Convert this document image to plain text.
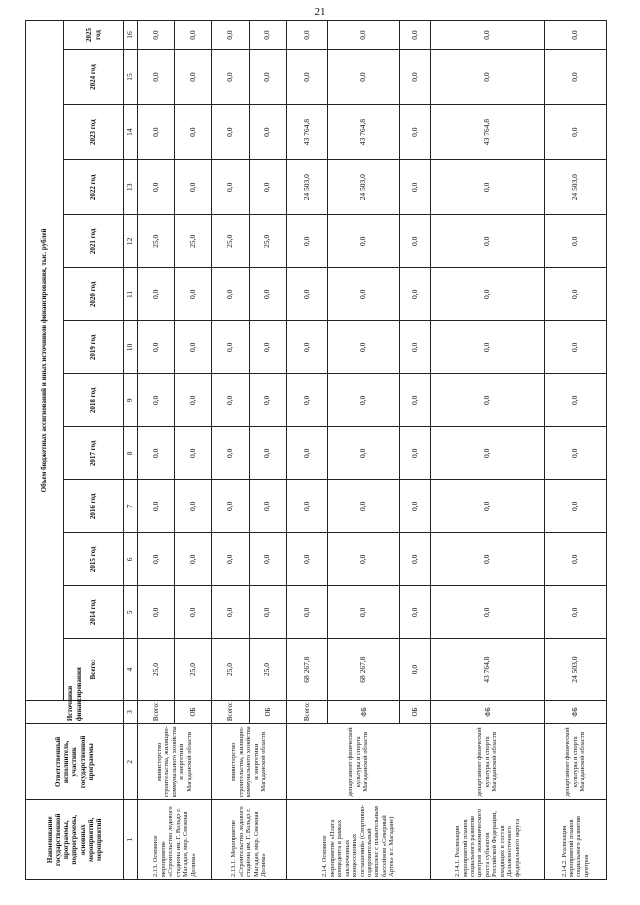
21
Наименование государственной программы, подпрограммы, основных мероприятий, мероприятий	Ответственный исполнитель, участник государственной программы	Источники финансирования	Объем бюджетных ассигнований и иных источников финансирования, тыс. рублей												
			Всего:	2014 год	2015 год	2016 год	2017 год	2018 год	2019 год	2020 год	2021 год	2022 год	2023 год	2024 год	2025 год
1	2	3	4	5	6	7	8	9	10	11	12	13	14	15	16
2.13. Основное мероприятие «Строительство ледового стадиона им. Г. Вальдэ г. Магадан, мкр. Снежная Долина»	министерство строительства, жилищно-коммунального хозяйства и энергетики Магаданской области	Всего:	25,0	0,0	0,0	0,0	0,0	0,0	0,0	0,0	25,0	0,0	0,0	0,0	0,0
		ОБ	25,0	0,0	0,0	0,0	0,0	0,0	0,0	0,0	25,0	0,0	0,0	0,0	0,0
2.13.1. Мероприятие «Строительство ледового стадиона им. Г. Вальдэ г. Магадан, мкр. Снежная Долина»	министерство строительства, жилищно-коммунального хозяйства и энергетики Магаданской области	Всего:	25,0	0,0	0,0	0,0	0,0	0,0	0,0	0,0	25,0	0,0	0,0	0,0	0,0
		ОБ	25,0	0,0	0,0	0,0	0,0	0,0	0,0	0,0	25,0	0,0	0,0	0,0	0,0
2.14. Основное мероприятие «Плата концедента в рамках заключенных концессионных соглашений» (Спортивно-оздоровительный комплекс с плавательным бассейном «Северный Артек» в г. Магадане)	департамент физической культуры и спорта Магаданской области	Всего:	68 267,8	0,0	0,0	0,0	0,0	0,0	0,0	0,0	0,0	24 503,0	43 764,8	0,0	0,0
		ФБ	68 267,8	0,0	0,0	0,0	0,0	0,0	0,0	0,0	0,0	24 503,0	43 764,8	0,0	0,0
		ОБ	0,0	0,0	0,0	0,0	0,0	0,0	0,0	0,0	0,0	0,0	0,0	0,0	0,0
2.14.1. Реализация мероприятий планов социального развития центров экономического роста субъектов Российской Федерации, входящих в состав Дальневосточного федерального округа	департамент физической культуры и спорта Магаданской области	ФБ	43 764,8	0,0	0,0	0,0	0,0	0,0	0,0	0,0	0,0	0,0	43 764,8	0,0	0,0
2.14.2. Реализация мероприятий планов социального развития центров	департамент физической культуры и спорта Магаданской области	ФБ	24 503,0	0,0	0,0	0,0	0,0	0,0	0,0	0,0	0,0	24 503,0	0,0	0,0	0,0
